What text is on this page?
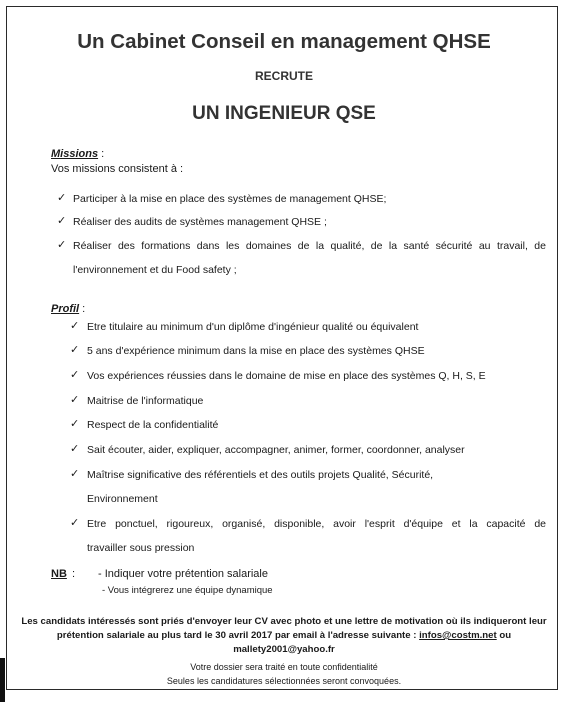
Un Cabinet Conseil en management QHSE
RECRUTE
UN INGENIEUR QSE
Missions :
Vos missions consistent à :
✓ Participer à la mise en place des systèmes de management QHSE;
✓ Réaliser des audits de systèmes management QHSE ;
✓ Réaliser des formations dans les domaines de la qualité, de la santé sécurité au travail, de
l'environnement et du Food safety ;
Profil :
✓ Etre titulaire au minimum d'un diplôme d'ingénieur qualité ou équivalent
✓ 5 ans d'expérience minimum dans la mise en place des systèmes QHSE
✓ Vos expériences réussies dans le domaine de mise en place des systèmes Q, H, S, E
✓ Maitrise de l'informatique
✓ Respect de la confidentialité
✓ Sait écouter, aider, expliquer, accompagner, animer, former, coordonner, analyser
✓ Maîtrise significative des référentiels et des outils projets Qualité, Sécurité,
Environnement
✓ Etre ponctuel, rigoureux, organisé, disponible, avoir l'esprit d'équipe et la capacité de
travailler sous pression
NB : - Indiquer votre prétention salariale
- Vous intégrerez une équipe dynamique
Les candidats intéressés sont priés d'envoyer leur CV avec photo et une lettre de motivation où ils indiqueront leur
prétention salariale au plus tard le 30 avril 2017 par email à l'adresse suivante : infos@costm.net ou
mallety2001@yahoo.fr
Votre dossier sera traité en toute confidentialité
Seules les candidatures sélectionnées seront convoquées.
